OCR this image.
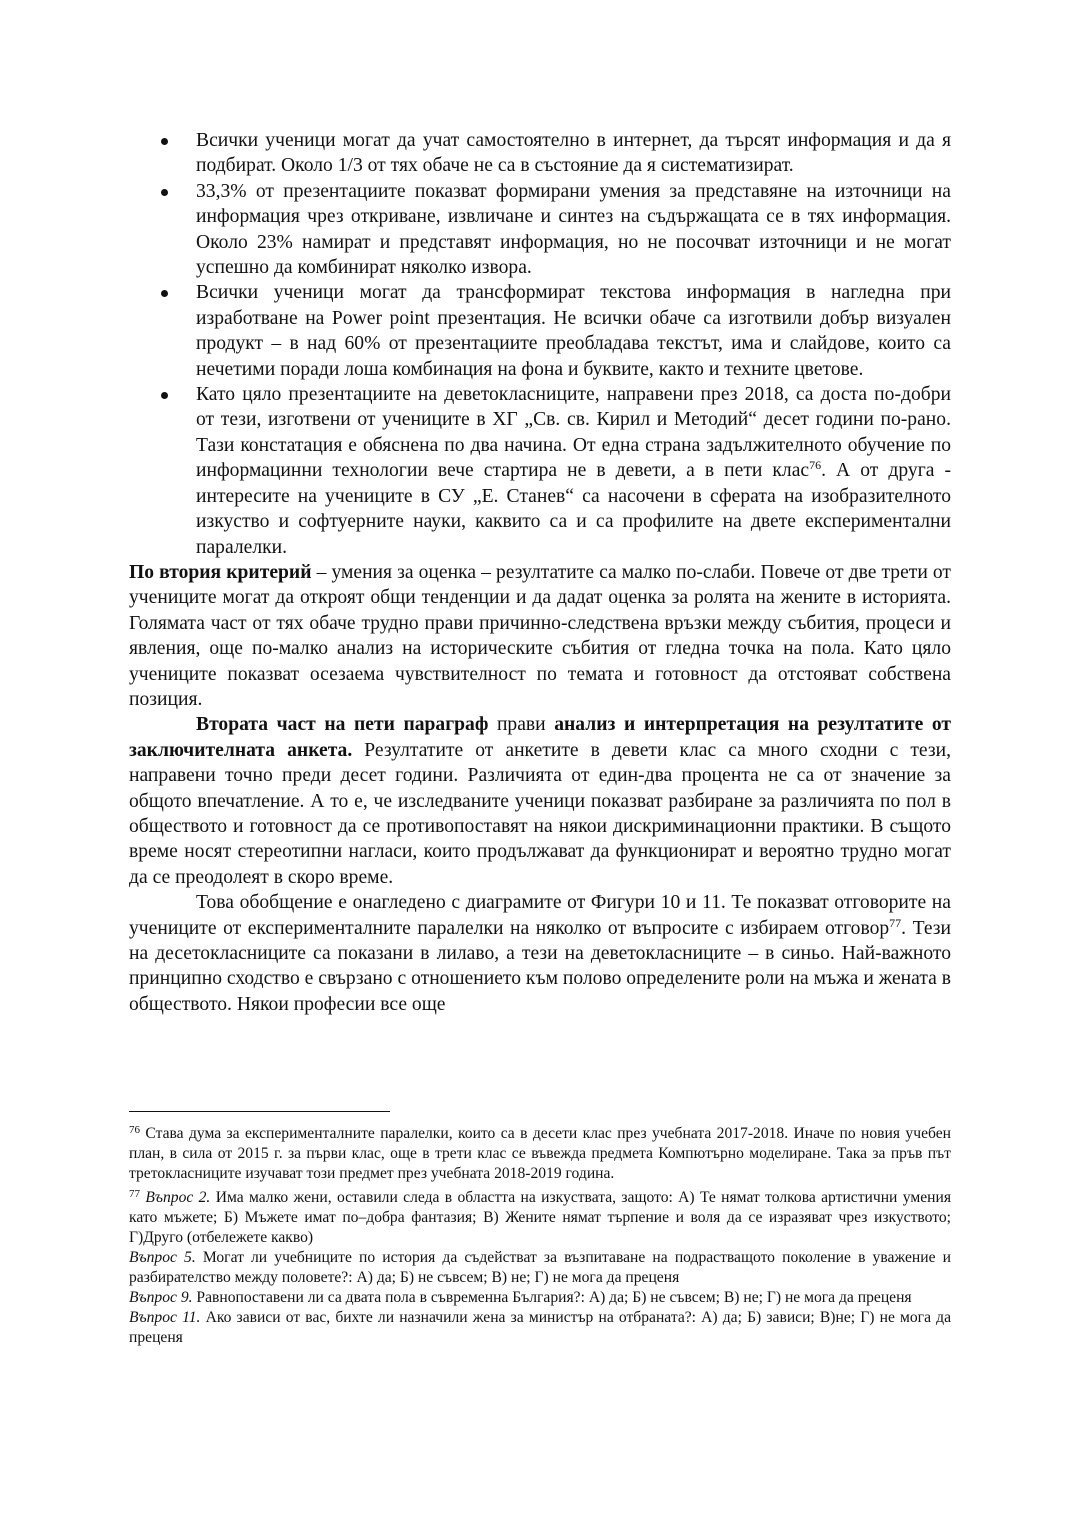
Всички ученици могат да учат самостоятелно в интернет, да търсят информация и да я подбират. Около 1/3 от тях обаче не са в състояние да я систематизират.
33,3% от презентациите показват формирани умения за представяне на източници на информация чрез откриване, извличане и синтез на съдържащата се в тях информация. Около 23% намират и представят информация, но не посочват източници и не могат успешно да комбинират няколко извора.
Всички ученици могат да трансформират текстова информация в нагледна при изработване на Power point презентация. Не всички обаче са изготвили добър визуален продукт – в над 60% от презентациите преобладава текстът, има и слайдове, които са нечетими поради лоша комбинация на фона и буквите, както и техните цветове.
Като цяло презентациите на деветокласниците, направени през 2018, са доста по-добри от тези, изготвени от учениците в ХГ „Св. св. Кирил и Методий“ десет години по-рано. Тази констатация е обяснена по два начина. От една страна задължителното обучение по информацинни технологии вече стартира не в девети, а в пети клас$^{76}$. А от друга - интересите на учениците в СУ „Е. Станев“ са насочени в сферата на изобразителното изкуство и софтуерните науки, каквито са и са профилите на двете експериментални паралелки.

По втория критерий – умения за оценка – резултатите са малко по-слаби. Повече от две трети от учениците могат да откроят общи тенденции и да дадат оценка за ролята на жените в историята. Голямата част от тях обаче трудно прави причинно-следствена връзки между събития, процеси и явления, още по-малко анализ на историческите събития от гледна точка на пола. Като цяло учениците показват осезаема чувствителност по темата и готовност да отстояват собствена позиция.

Втората част на пети параграф прави анализ и интерпретация на резултатите от заключителната анкета. Резултатите от анкетите в девети клас са много сходни с тези, направени точно преди десет години. Различията от един-два процента не са от значение за общото впечатление. А то е, че изследваните ученици показват разбиране за различията по пол в обществото и готовност да се противопоставят на някои дискриминационни практики. В същото време носят стереотипни нагласи, които продължават да функционират и вероятно трудно могат да се преодолеят в скоро време.

Това обобщение е онагледено с диаграмите от Фигури 10 и 11. Те показват отговорите на учениците от експерименталните паралелки на няколко от въпросите с избираем отговор$^{77}$. Тези на десетокласниците са показани в лилаво, а тези на деветокласниците – в синьо. Най-важното принципно сходство е свързано с отношението към полово определените роли на мъжа и жената в обществото. Някои професии все още

$^{76}$ Става дума за експерименталните паралелки, които са в десети клас през учебната 2017-2018. Иначе по новия учебен план, в сила от 2015 г. за първи клас, още в трети клас се въвежда предмета Компютърно моделиране. Така за пръв път третокласниците изучават този предмет през учебната 2018-2019 година.

$^{77}$ Въпрос 2. Има малко жени, оставили следа в областта на изкуствата, защото: А) Те нямат толкова артистични умения като мъжете; Б) Мъжете имат по–добра фантазия; В) Жените нямат търпение и воля да се изразяват чрез изкуството; Г)Друго (отбележете какво)

Въпрос 5. Могат ли учебниците по история да съдействат за възпитаване на подрастващото поколение в уважение и разбирателство между половете?: А) да; Б) не съвсем; В) не; Г) не мога да преценя

Въпрос 9. Равнопоставени ли са двата пола в съвременна България?: А) да; Б) не съвсем; В) не; Г) не мога да преценя

Въпрос 11. Ако зависи от вас, бихте ли назначили жена за министър на отбраната?: А) да; Б) зависи; В)не; Г) не мога да преценя
